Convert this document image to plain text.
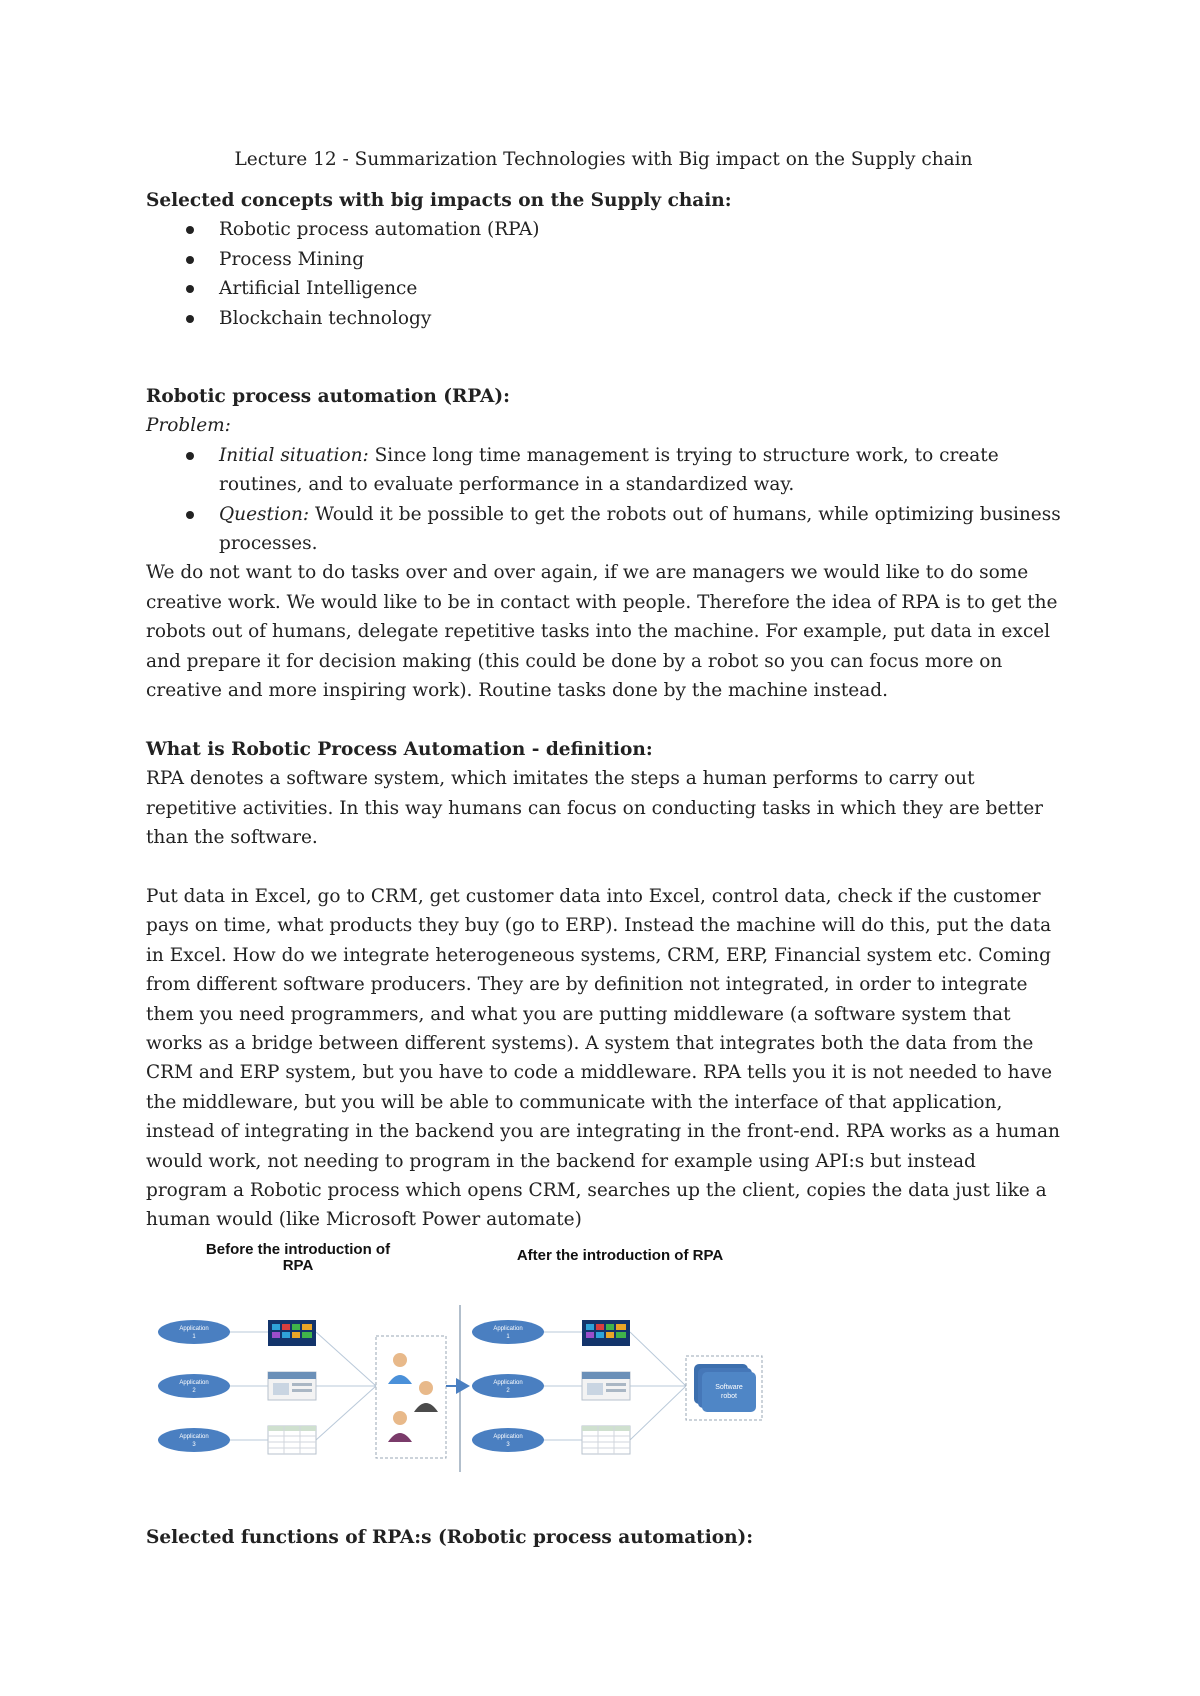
Lecture 12 - Summarization Technologies with Big impact on the Supply chain

Selected concepts with big impacts on the Supply chain:

Robotic process automation (RPA)
Process Mining
Artificial Intelligence
Blockchain technology

Robotic process automation (RPA):

Problem:

Initial situation: Since long time management is trying to structure work, to create routines, and to evaluate performance in a standardized way.
Question: Would it be possible to get the robots out of humans, while optimizing business processes.

We do not want to do tasks over and over again, if we are managers we would like to do some creative work. We would like to be in contact with people. Therefore the idea of RPA is to get the robots out of humans, delegate repetitive tasks into the machine. For example, put data in excel and prepare it for decision making (this could be done by a robot so you can focus more on creative and more inspiring work). Routine tasks done by the machine instead.

What is Robotic Process Automation - definition:

RPA denotes a software system, which imitates the steps a human performs to carry out repetitive activities. In this way humans can focus on conducting tasks in which they are better than the software.

Put data in Excel, go to CRM, get customer data into Excel, control data, check if the customer pays on time, what products they buy (go to ERP). Instead the machine will do this, put the data in Excel. How do we integrate heterogeneous systems, CRM, ERP, Financial system etc. Coming from different software producers. They are by definition not integrated, in order to integrate them you need programmers, and what you are putting middleware (a software system that works as a bridge between different systems). A system that integrates both the data from the CRM and ERP system, but you have to code a middleware. RPA tells you it is not needed to have the middleware, but you will be able to communicate with the interface of that application, instead of integrating in the backend you are integrating in the front-end. RPA works as a human would work, not needing to program in the backend for example using API:s but instead program a Robotic process which opens CRM, searches up the client, copies the data just like a human would (like Microsoft Power automate)

Before the introduction of
RPA
After the introduction of RPA
Application
1
Application
2
Application
3
Application
1
Application
2
Application
3
Software
robot

Selected functions of RPA:s (Robotic process automation):
